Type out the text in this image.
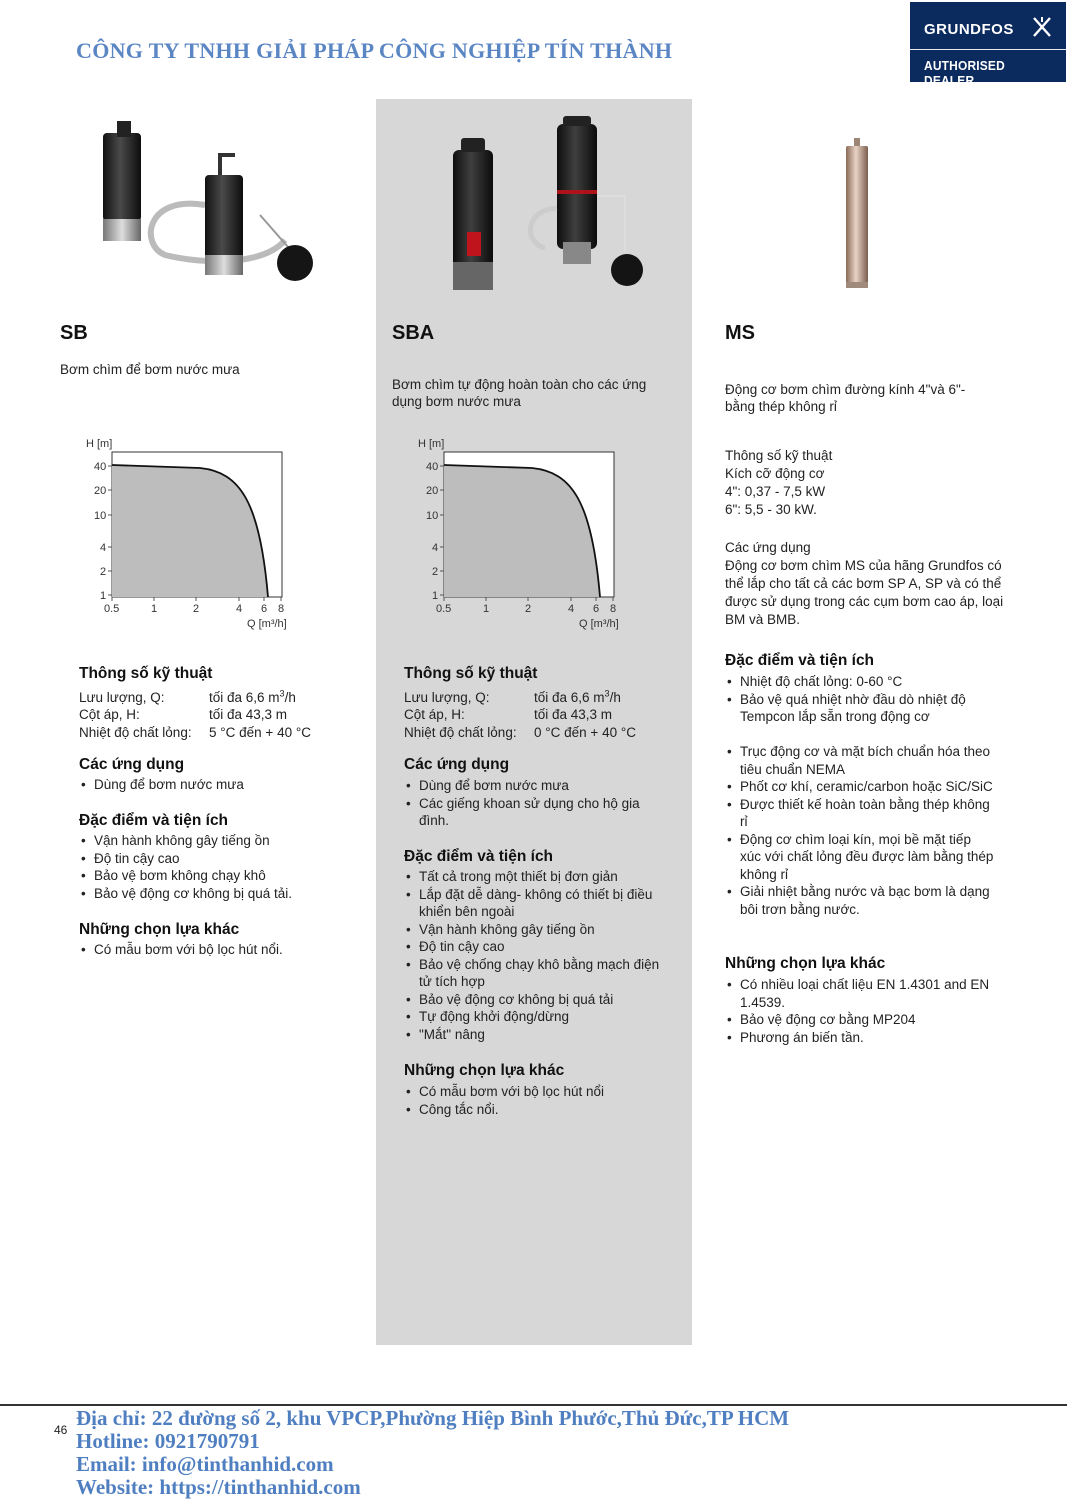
CÔNG TY TNHH GIẢI PHÁP CÔNG NGHIỆP TÍN THÀNH
GRUNDFOS
AUTHORISED DEALER
SB
Bơm chìm để bơm nước mưa
H [m]
40
20
10
4
2
1
0.5	1	2	4 6 8
Q [m³/h]
Thông số kỹ thuật
Lưu lượng, Q:	tối đa 6,6 $m^3/h$
Cột áp, H:	tối đa 43,3 m
Nhiệt độ chất lỏng: 5 °C đến + 40 °C
Các ứng dụng
• Dùng để bơm nước mưa
Đặc điểm và tiện ích
• Vận hành không gây tiếng ồn
• Độ tin cậy cao
• Bảo vệ bơm không chạy khô
• Bảo vệ động cơ không bị quá tải.
Những chọn lựa khác
• Có mẫu bơm với bộ lọc hút nổi.
SBA
Bơm chìm tự động hoàn toàn cho các ứng dụng bơm nước mưa
H [m]
40
20
10
4
2
1
0.5	1	2	4 6 8
Q [m³/h]
Thông số kỹ thuật
Lưu lượng, Q:	tối đa 6,6 $m^3/h$
Cột áp, H:	tối đa 43,3 m
Nhiệt độ chất lỏng: 0 °C đến + 40 °C
Các ứng dụng
• Dùng để bơm nước mưa
• Các giếng khoan sử dụng cho hộ gia đình.
Đặc điểm và tiện ích
• Tất cả trong một thiết bị đơn giản
• Lắp đặt dễ dàng- không có thiết bị điều khiển bên ngoài
• Vận hành không gây tiếng ồn
• Độ tin cậy cao
• Bảo vệ chống chạy khô bằng mạch điện tử tích hợp
• Bảo vệ động cơ không bị quá tải
• Tự động khởi động/dừng
• "Mắt" nâng
Những chọn lựa khác
• Có mẫu bơm với bộ lọc hút nổi
• Công tắc nổi.
MS
Động cơ bơm chìm đường kính 4"và 6"- bằng thép không rỉ
Thông số kỹ thuật
Kích cỡ động cơ
4": 0,37 - 7,5 kW
6": 5,5 - 30 kW.
Các ứng dụng
Động cơ bơm chìm MS của hãng Grundfos có thể lắp cho tất cả các bơm SP A, SP và có thể được sử dụng trong các cụm bơm cao áp, loại BM và BMB.
Đặc điểm và tiện ích
• Nhiệt độ chất lỏng: 0-60 °C
• Bảo vệ quá nhiệt nhờ đầu dò nhiệt độ Tempcon lắp sẵn trong động cơ
• Trục động cơ và mặt bích chuẩn hóa theo tiêu chuẩn NEMA
• Phốt cơ khí, ceramic/carbon hoặc SiC/SiC
• Được thiết kế hoàn toàn bằng thép không rỉ
• Động cơ chìm loại kín, mọi bề mặt tiếp xúc với chất lỏng đều được làm bằng thép không rỉ
• Giải nhiệt bằng nước và bạc bơm là dạng bôi trơn bằng nước.
Những chọn lựa khác
• Có nhiều loại chất liệu EN 1.4301 and EN 1.4539.
• Bảo vệ động cơ bằng MP204
• Phương án biến tần.
46 Địa chỉ: 22 đường số 2, khu VPCP,Phường Hiệp Bình Phước,Thủ Đức,TP HCM
Hotline: 0921790791
Email: info@tinthanhid.com
Website: https://tinthanhid.com
